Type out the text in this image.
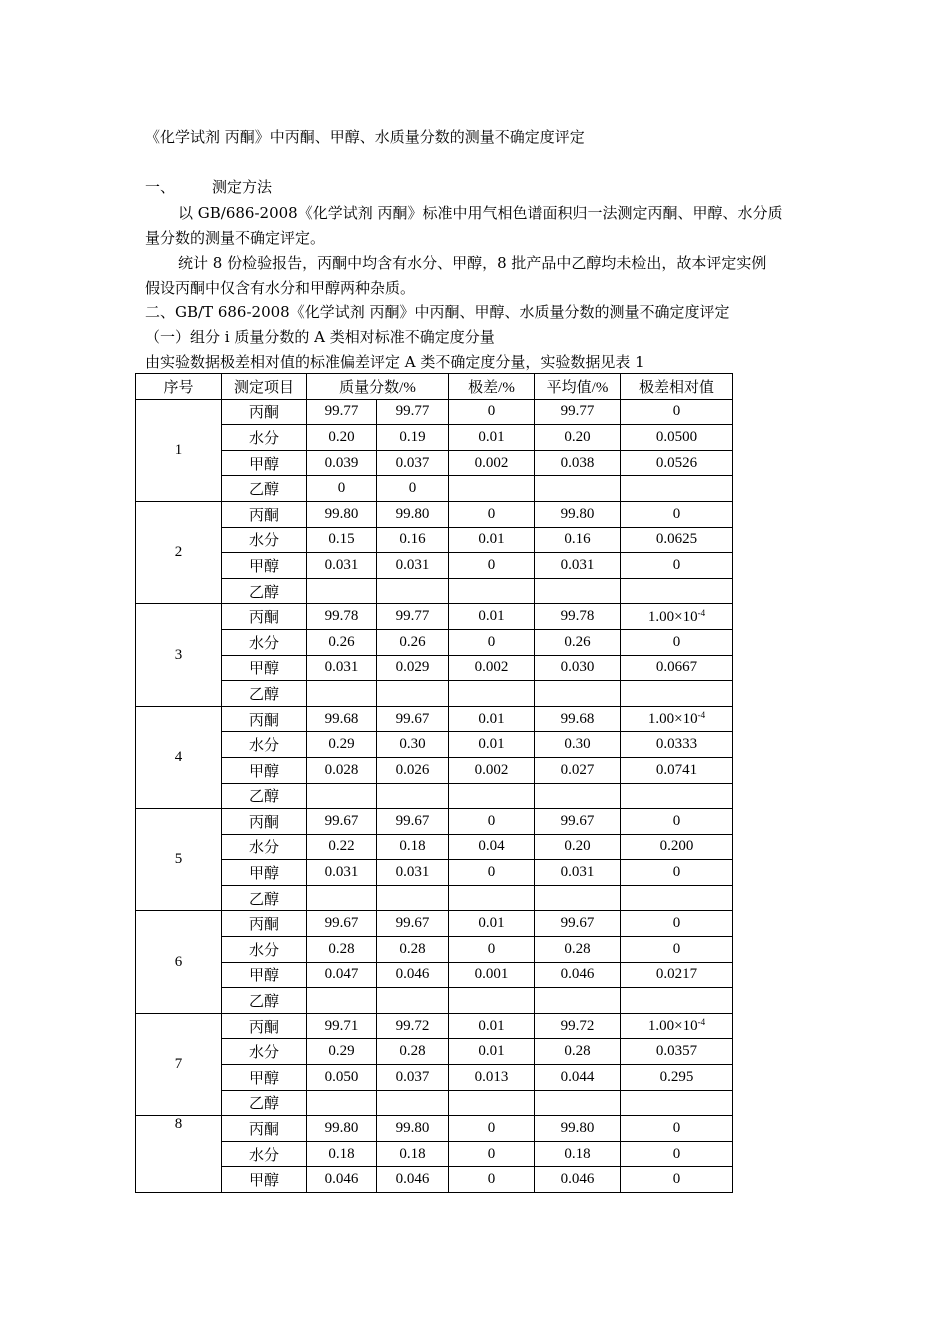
《化学试剂 丙酮》中丙酮、甲醇、水质量分数的测量不确定度评定
一、 测定方法
以 GB/686-2008《化学试剂 丙酮》标准中用气相色谱面积归一法测定丙酮、甲醇、水分质
量分数的测量不确定评定。
统计 8 份检验报告，丙酮中均含有水分、甲醇，8 批产品中乙醇均未检出，故本评定实例
假设丙酮中仅含有水分和甲醇两种杂质。
二、GB/T 686-2008《化学试剂 丙酮》中丙酮、甲醇、水质量分数的测量不确定度评定
（一）组分 i 质量分数的 A 类相对标准不确定度分量
由实验数据极差相对值的标准偏差评定 A 类不确定度分量，实验数据见表 1
序号	测定项目	质量分数/%		极差/%	平均值/%	极差相对值
1	丙酮	99.77	99.77	0	99.77	0
	水分	0.20	0.19	0.01	0.20	0.0500
	甲醇	0.039	0.037	0.002	0.038	0.0526
	乙醇	0	0			
2	丙酮	99.80	99.80	0	99.80	0
	水分	0.15	0.16	0.01	0.16	0.0625
	甲醇	0.031	0.031	0	0.031	0
	乙醇					
3	丙酮	99.78	99.77	0.01	99.78	$1.00\times 10^{-4}$
	水分	0.26	0.26	0	0.26	0
	甲醇	0.031	0.029	0.002	0.030	0.0667
	乙醇					
4	丙酮	99.68	99.67	0.01	99.68	$1.00\times 10^{-4}$
	水分	0.29	0.30	0.01	0.30	0.0333
	甲醇	0.028	0.026	0.002	0.027	0.0741
	乙醇					
5	丙酮	99.67	99.67	0	99.67	0
	水分	0.22	0.18	0.04	0.20	0.200
	甲醇	0.031	0.031	0	0.031	0
	乙醇					
6	丙酮	99.67	99.67	0.01	99.67	0
	水分	0.28	0.28	0	0.28	0
	甲醇	0.047	0.046	0.001	0.046	0.0217
	乙醇					
7	丙酮	99.71	99.72	0.01	99.72	$1.00\times 10^{-4}$
	水分	0.29	0.28	0.01	0.28	0.0357
	甲醇	0.050	0.037	0.013	0.044	0.295
	乙醇					
8	丙酮	99.80	99.80	0	99.80	0
	水分	0.18	0.18	0	0.18	0
	甲醇	0.046	0.046	0	0.046	0
